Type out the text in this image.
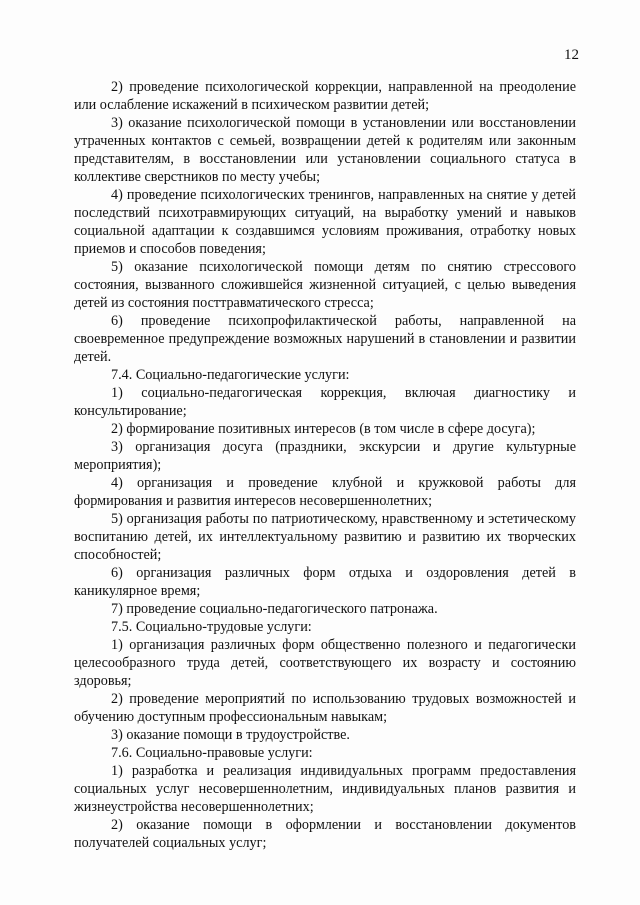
12

2) проведение психологической коррекции, направленной на преодоление или ослабление искажений в психическом развитии детей;

3) оказание психологической помощи в установлении или восстановлении утраченных контактов с семьей, возвращении детей к родителям или законным представителям, в восстановлении или установлении социального статуса в коллективе сверстников по месту учебы;

4) проведение психологических тренингов, направленных на снятие у детей последствий психотравмирующих ситуаций, на выработку умений и навыков социальной адаптации к создавшимся условиям проживания, отработку новых приемов и способов поведения;

5) оказание психологической помощи детям по снятию стрессового состояния, вызванного сложившейся жизненной ситуацией, с целью выведения детей из состояния посттравматического стресса;

6) проведение психопрофилактической работы, направленной на своевременное предупреждение возможных нарушений в становлении и развитии детей.

7.4. Социально-педагогические услуги:

1) социально-педагогическая коррекция, включая диагностику и консультирование;

2) формирование позитивных интересов (в том числе в сфере досуга);

3) организация досуга (праздники, экскурсии и другие культурные мероприятия);

4) организация и проведение клубной и кружковой работы для формирования и развития интересов несовершеннолетних;

5) организация работы по патриотическому, нравственному и эстетическому воспитанию детей, их интеллектуальному развитию и развитию их творческих способностей;

6) организация различных форм отдыха и оздоровления детей в каникулярное время;

7) проведение социально-педагогического патронажа.

7.5. Социально-трудовые услуги:

1) организация различных форм общественно полезного и педагогически целесообразного труда детей, соответствующего их возрасту и состоянию здоровья;

2) проведение мероприятий по использованию трудовых возможностей и обучению доступным профессиональным навыкам;

3) оказание помощи в трудоустройстве.

7.6. Социально-правовые услуги:

1) разработка и реализация индивидуальных программ предоставления социальных услуг несовершеннолетним, индивидуальных планов развития и жизнеустройства несовершеннолетних;

2) оказание помощи в оформлении и восстановлении документов получателей социальных услуг;
